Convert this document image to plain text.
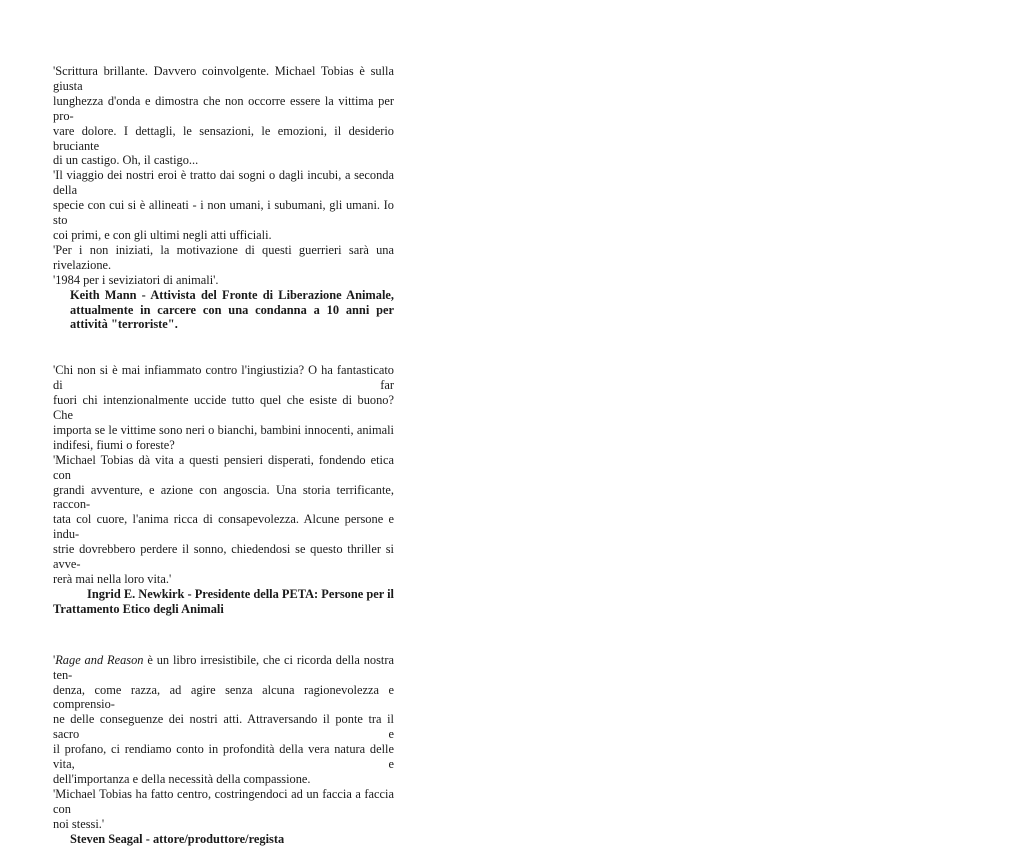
'Scrittura brillante. Davvero coinvolgente. Michael Tobias è sulla giusta
lunghezza d'onda e dimostra che non occorre essere la vittima per pro-
vare dolore. I dettagli, le sensazioni, le emozioni, il desiderio bruciante
di un castigo. Oh, il castigo...
'Il viaggio dei nostri eroi è tratto dai sogni o dagli incubi, a seconda della
specie con cui si è allineati - i non umani, i subumani, gli umani. Io sto
coi primi, e con gli ultimi negli atti ufficiali.
'Per i non iniziati, la motivazione di questi guerrieri sarà una rivelazione.
'1984 per i seviziatori di animali'.

Keith Mann - Attivista del Fronte di Liberazione Animale, attualmente in carcere con una condanna a 10 anni per attività "terroriste".

'Chi non si è mai infiammato contro l'ingiustizia? O ha fantasticato di far
fuori chi intenzionalmente uccide tutto quel che esiste di buono? Che
importa se le vittime sono neri o bianchi, bambini innocenti, animali
indifesi, fiumi o foreste?
'Michael Tobias dà vita a questi pensieri disperati, fondendo etica con
grandi avventure, e azione con angoscia. Una storia terrificante, raccon-
tata col cuore, l'anima ricca di consapevolezza. Alcune persone e indu-
strie dovrebbero perdere il sonno, chiedendosi se questo thriller si avve-
rerà mai nella loro vita.'

Ingrid E. Newkirk - Presidente della PETA: Persone per il Trattamento Etico degli Animali

'Rage and Reason è un libro irresistibile, che ci ricorda della nostra ten-
denza, come razza, ad agire senza alcuna ragionevolezza e comprensio-
ne delle conseguenze dei nostri atti. Attraversando il ponte tra il sacro e
il profano, ci rendiamo conto in profondità della vera natura delle vita, e
dell'importanza e della necessità della compassione.
'Michael Tobias ha fatto centro, costringendoci ad un faccia a faccia con
noi stessi.'

Steven Seagal - attore/produttore/regista
